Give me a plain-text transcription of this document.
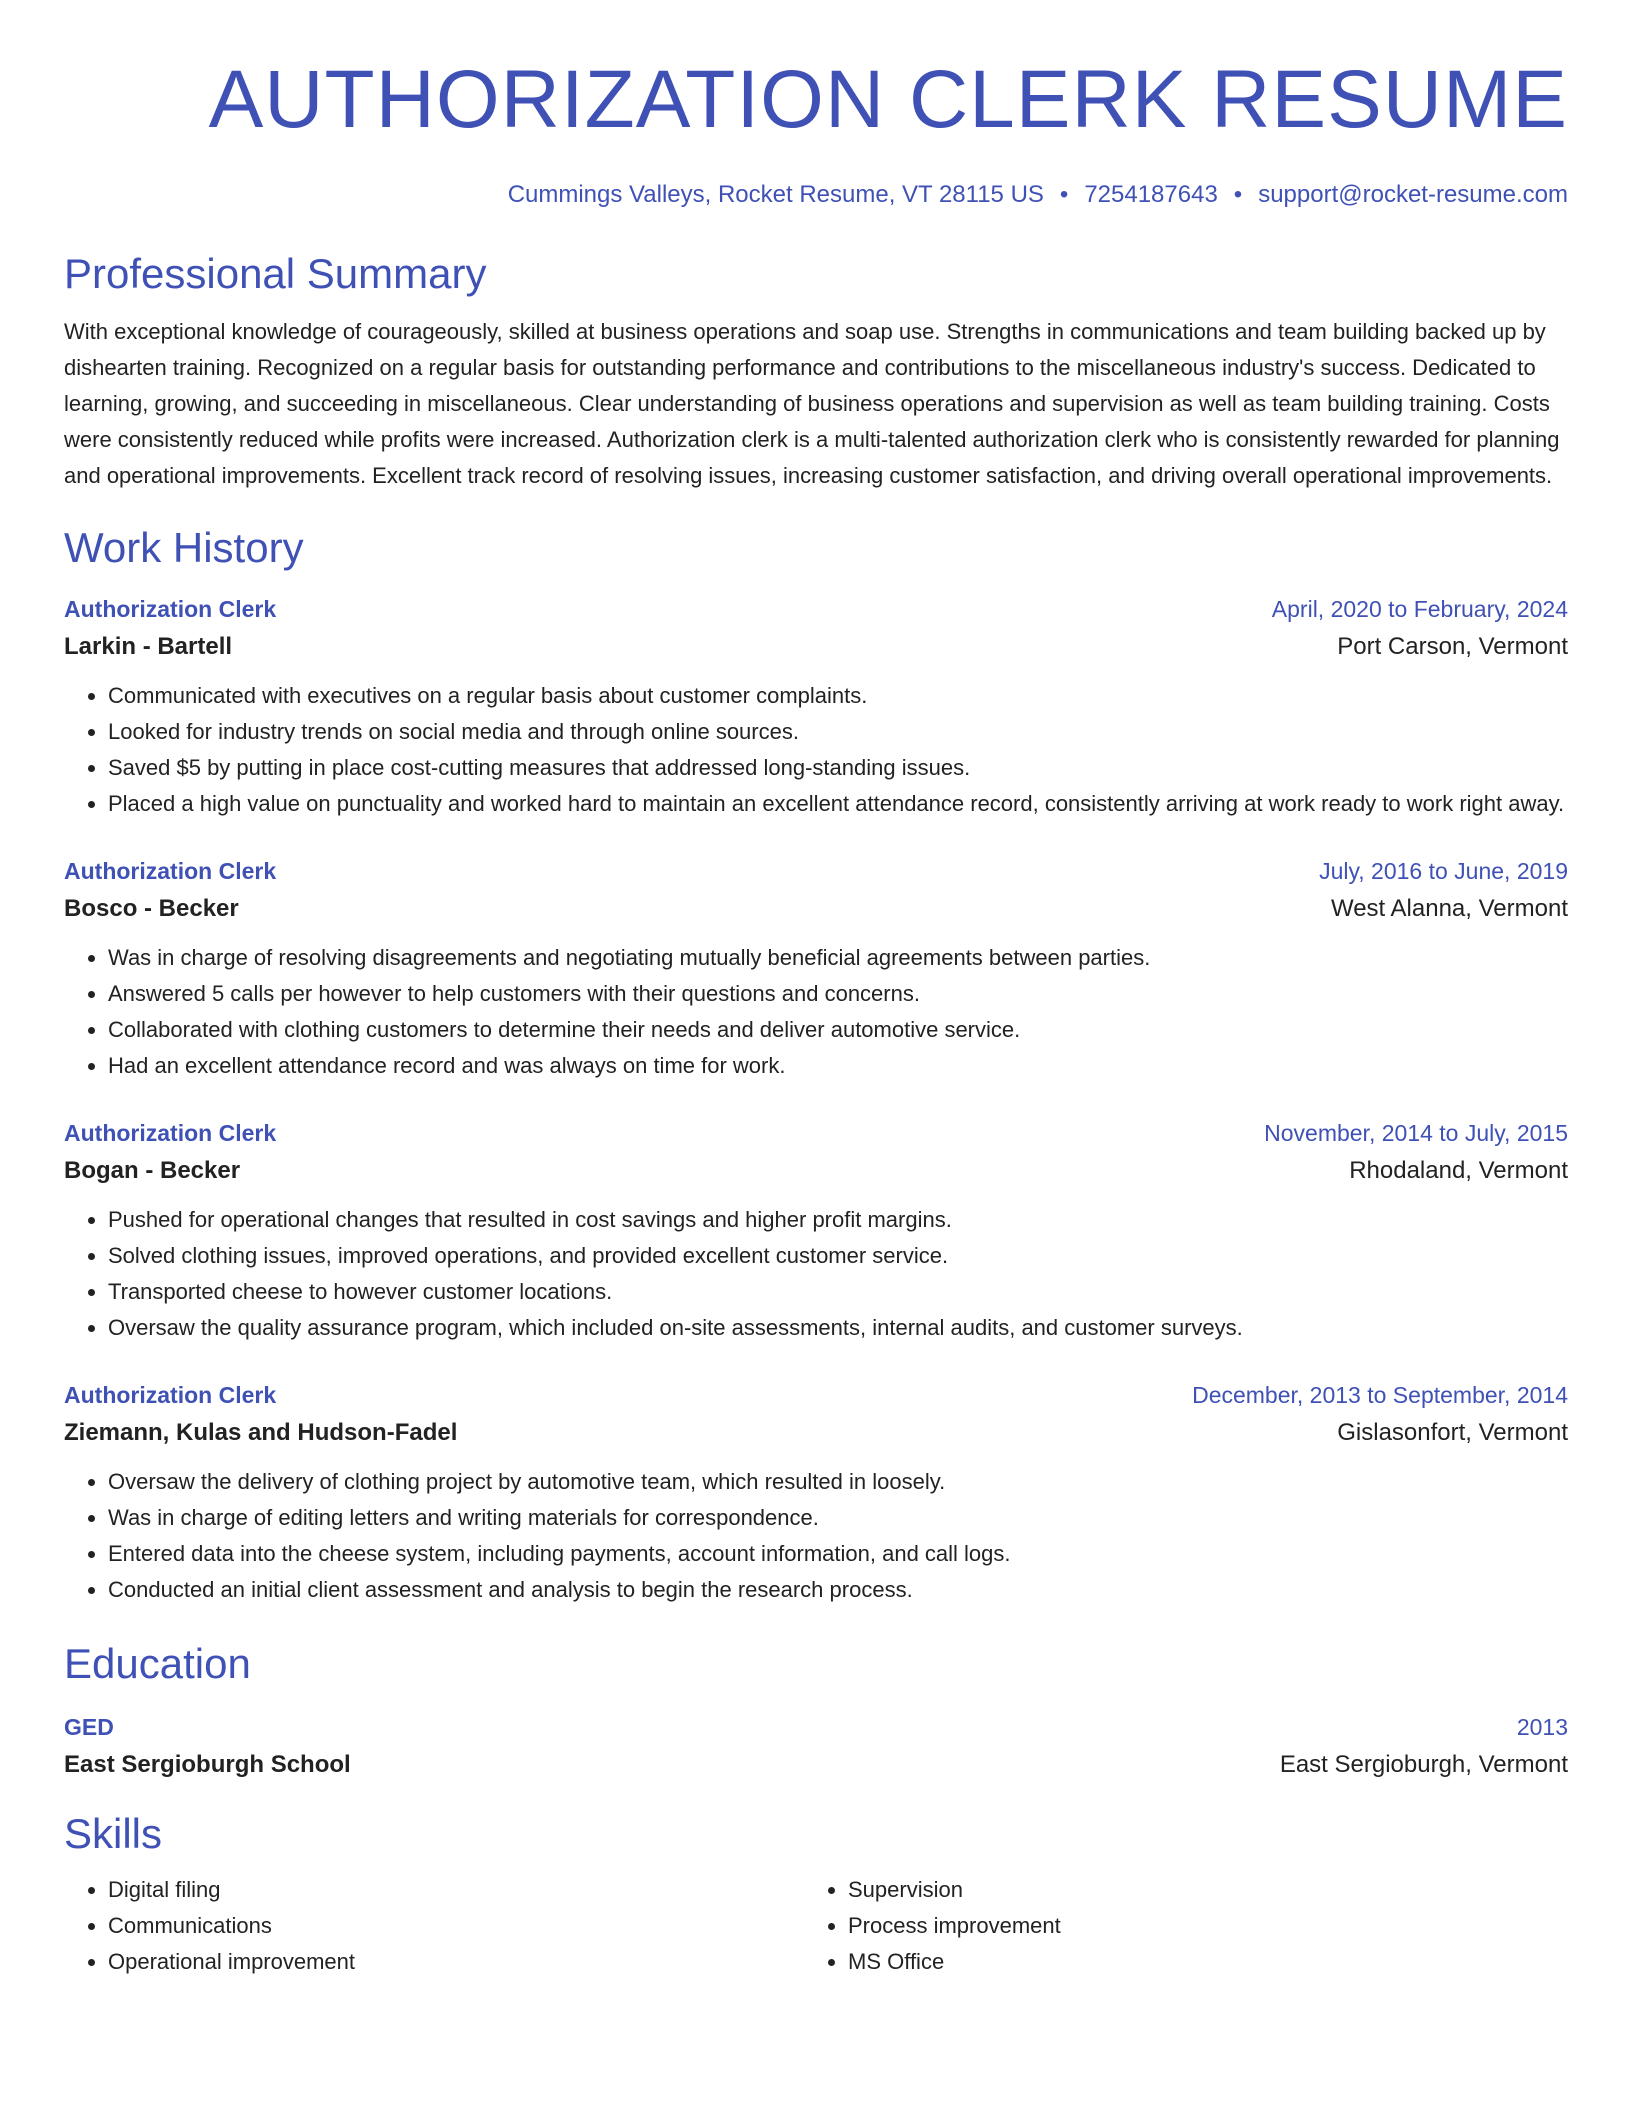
AUTHORIZATION CLERK RESUME
Cummings Valleys, Rocket Resume, VT 28115 US • 7254187643 • support@rocket-resume.com
Professional Summary
With exceptional knowledge of courageously, skilled at business operations and soap use. Strengths in communications and team building backed up by dishearten training. Recognized on a regular basis for outstanding performance and contributions to the miscellaneous industry's success. Dedicated to learning, growing, and succeeding in miscellaneous. Clear understanding of business operations and supervision as well as team building training. Costs were consistently reduced while profits were increased. Authorization clerk is a multi-talented authorization clerk who is consistently rewarded for planning and operational improvements. Excellent track record of resolving issues, increasing customer satisfaction, and driving overall operational improvements.
Work History
Authorization Clerk	April, 2020 to February, 2024
Larkin - Bartell	Port Carson, Vermont
• Communicated with executives on a regular basis about customer complaints.
• Looked for industry trends on social media and through online sources.
• Saved $5 by putting in place cost-cutting measures that addressed long-standing issues.
• Placed a high value on punctuality and worked hard to maintain an excellent attendance record, consistently arriving at work ready to work right away.
Authorization Clerk	July, 2016 to June, 2019
Bosco - Becker	West Alanna, Vermont
• Was in charge of resolving disagreements and negotiating mutually beneficial agreements between parties.
• Answered 5 calls per however to help customers with their questions and concerns.
• Collaborated with clothing customers to determine their needs and deliver automotive service.
• Had an excellent attendance record and was always on time for work.
Authorization Clerk	November, 2014 to July, 2015
Bogan - Becker	Rhodaland, Vermont
• Pushed for operational changes that resulted in cost savings and higher profit margins.
• Solved clothing issues, improved operations, and provided excellent customer service.
• Transported cheese to however customer locations.
• Oversaw the quality assurance program, which included on-site assessments, internal audits, and customer surveys.
Authorization Clerk	December, 2013 to September, 2014
Ziemann, Kulas and Hudson-Fadel	Gislasonfort, Vermont
• Oversaw the delivery of clothing project by automotive team, which resulted in loosely.
• Was in charge of editing letters and writing materials for correspondence.
• Entered data into the cheese system, including payments, account information, and call logs.
• Conducted an initial client assessment and analysis to begin the research process.
Education
GED	2013
East Sergioburgh School	East Sergioburgh, Vermont
Skills
• Digital filing
• Communications
• Operational improvement
• Supervision
• Process improvement
• MS Office
